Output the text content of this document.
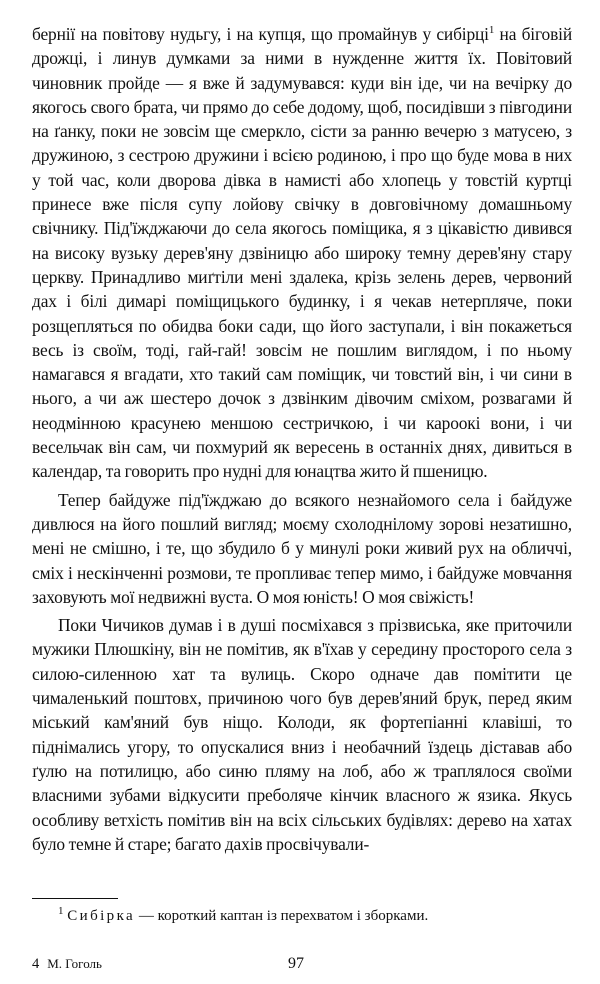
бернії на повітову нудьгу, і на купця, що промайнув у сибірці$^1$ на біговій дрожці, і линув думками за ними в нужденне життя їх. Повітовий чиновник пройде — я вже й задумувався: куди він іде, чи на вечірку до якогось свого брата, чи прямо до себе додому, щоб, посидівши з півгодини на ґанку, поки не зовсім ще смеркло, сісти за ранню вечерю з матусею, з дружиною, з сестрою дружини і всією родиною, і про що буде мова в них у той час, коли дворова дівка в намисті або хлопець у товстій куртці принесе вже після супу лойову свічку в довговічному домашньому свічнику. Під'їжджаючи до села якогось поміщика, я з цікавістю дивився на високу вузьку дерев'яну дзвіницю або широку темну дерев'яну стару церкву. Принадливо миґтіли мені здалека, крізь зелень дерев, червоний дах і білі димарі поміщицького будинку, і я чекав нетерпляче, поки розщепляться по обидва боки сади, що його заступали, і він покажеться весь із своїм, тоді, гай-гай! зовсім не пошлим виглядом, і по ньому намагався я вгадати, хто такий сам поміщик, чи товстий він, і чи сини в нього, а чи аж шестеро дочок з дзвінким дівочим сміхом, розвагами й неодмінною красунею меншою сестричкою, і чи кароокі вони, і чи весельчак він сам, чи похмурий як вересень в останніх днях, дивиться в календар, та говорить про нудні для юнацтва жито й пшеницю.

Тепер байдуже під'їжджаю до всякого незнайомого села і байдуже дивлюся на його пошлий вигляд; моєму схолоднілому зорові незатишно, мені не смішно, і те, що збудило б у минулі роки живий рух на обличчі, сміх і нескінченні розмови, те пропливає тепер мимо, і байдуже мовчання заховують мої недвижні вуста. О моя юність! О моя свіжість!

Поки Чичиков думав і в душі посміхався з прізвиська, яке приточили мужики Плюшкіну, він не помітив, як в'їхав у середину просторого села з силою-силенною хат та вулиць. Скоро одначе дав помітити це чималенький поштовх, причиною чого був дерев'яний брук, перед яким міський кам'яний був ніщо. Колоди, як фортепіанні клавіші, то піднімались угору, то опускалися вниз і необачний їздець діставав або ґулю на потилицю, або синю пляму на лоб, або ж траплялося своїми власними зубами відкусити преболяче кінчик власного ж язика. Якусь особливу ветхість помітив він на всіх сільських будівлях: дерево на хатах було темне й старе; багато дахів просвічували-

$^1$ Сибірка — короткий каптан із перехватом і зборками.
4 М. Гоголь	97
